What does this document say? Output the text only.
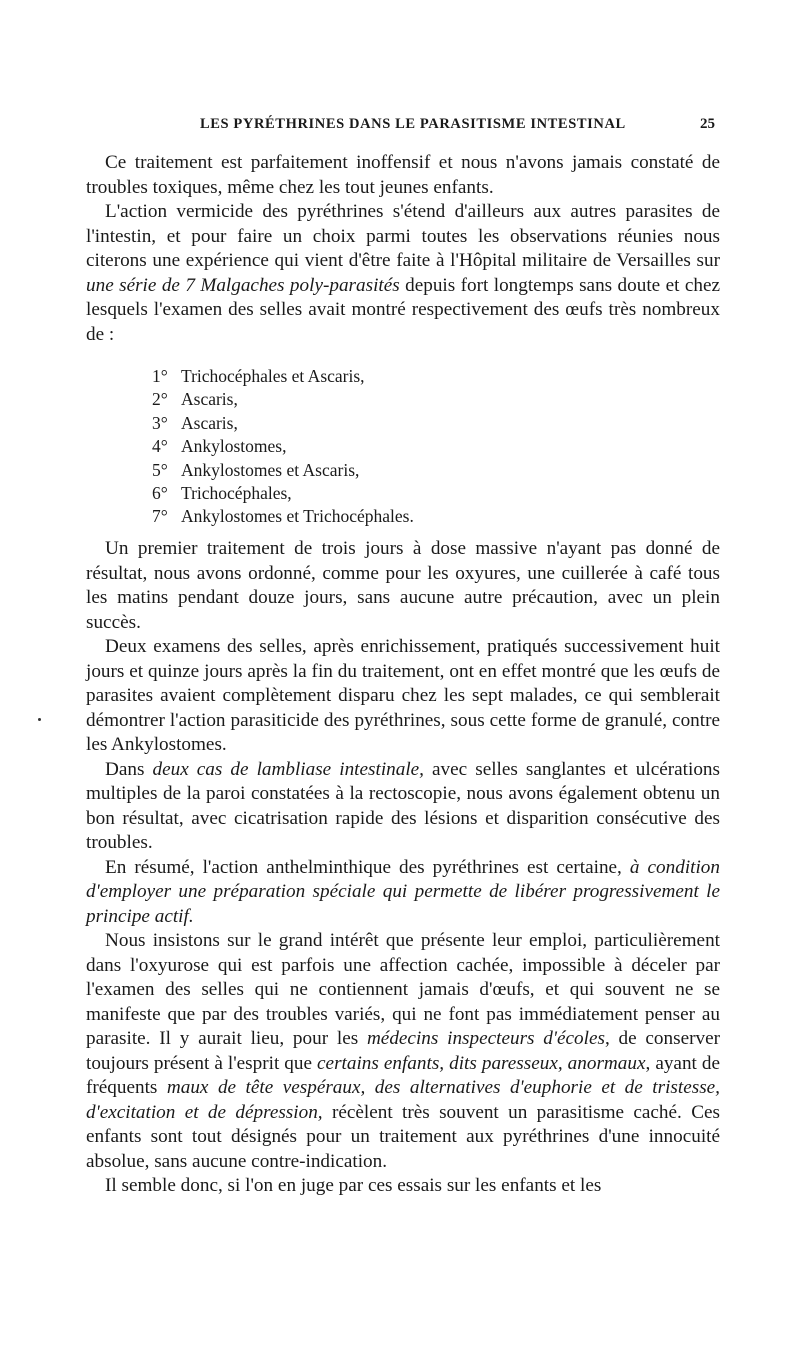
LES PYRÉTHRINES DANS LE PARASITISME INTESTINAL	25

Ce traitement est parfaitement inoffensif et nous n'avons jamais constaté de troubles toxiques, même chez les tout jeunes enfants.

L'action vermicide des pyréthrines s'étend d'ailleurs aux autres parasites de l'intestin, et pour faire un choix parmi toutes les observations réunies nous citerons une expérience qui vient d'être faite à l'Hôpital militaire de Versailles sur une série de 7 Malgaches poly-parasités depuis fort longtemps sans doute et chez lesquels l'examen des selles avait montré respectivement des œufs très nombreux de :

1° Trichocéphales et Ascaris,
2° Ascaris,
3° Ascaris,
4° Ankylostomes,
5° Ankylostomes et Ascaris,
6° Trichocéphales,
7° Ankylostomes et Trichocéphales.

Un premier traitement de trois jours à dose massive n'ayant pas donné de résultat, nous avons ordonné, comme pour les oxyures, une cuillerée à café tous les matins pendant douze jours, sans aucune autre précaution, avec un plein succès.

Deux examens des selles, après enrichissement, pratiqués successivement huit jours et quinze jours après la fin du traitement, ont en effet montré que les œufs de parasites avaient complètement disparu chez les sept malades, ce qui semblerait démontrer l'action parasiticide des pyréthrines, sous cette forme de granulé, contre les Ankylostomes.

Dans deux cas de lambliase intestinale, avec selles sanglantes et ulcérations multiples de la paroi constatées à la rectoscopie, nous avons également obtenu un bon résultat, avec cicatrisation rapide des lésions et disparition consécutive des troubles.

En résumé, l'action anthelminthique des pyréthrines est certaine, à condition d'employer une préparation spéciale qui permette de libérer progressivement le principe actif.

Nous insistons sur le grand intérêt que présente leur emploi, particulièrement dans l'oxyurose qui est parfois une affection cachée, impossible à déceler par l'examen des selles qui ne contiennent jamais d'œufs, et qui souvent ne se manifeste que par des troubles variés, qui ne font pas immédiatement penser au parasite. Il y aurait lieu, pour les médecins inspecteurs d'écoles, de conserver toujours présent à l'esprit que certains enfants, dits paresseux, anormaux, ayant de fréquents maux de tête vespéraux, des alternatives d'euphorie et de tristesse, d'excitation et de dépression, récèlent très souvent un parasitisme caché. Ces enfants sont tout désignés pour un traitement aux pyréthrines d'une innocuité absolue, sans aucune contre-indication.

Il semble donc, si l'on en juge par ces essais sur les enfants et les
